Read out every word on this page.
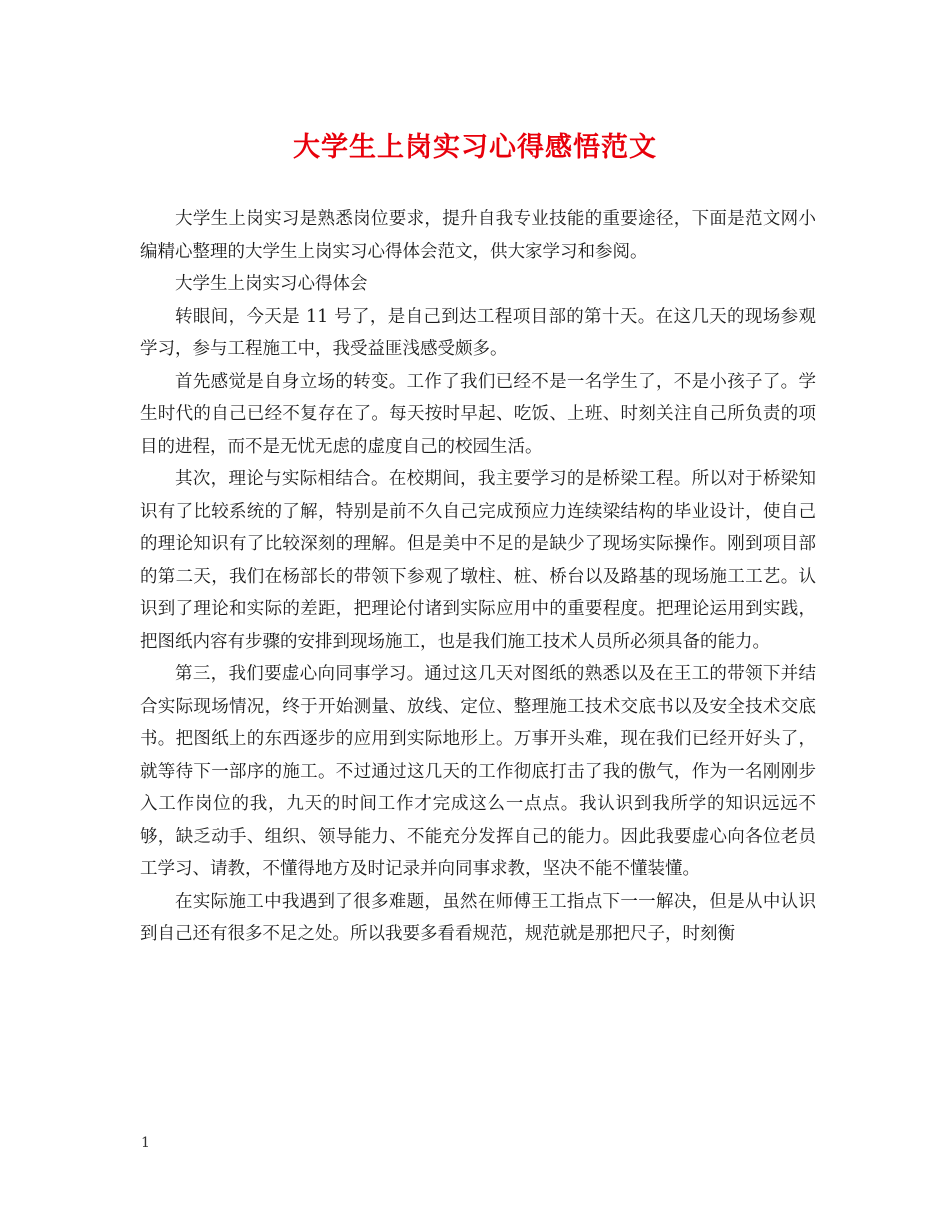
大学生上岗实习心得感悟范文

大学生上岗实习是熟悉岗位要求，提升自我专业技能的重要途径，下面是范文网小编精心整理的大学生上岗实习心得体会范文，供大家学习和参阅。

大学生上岗实习心得体会

转眼间，今天是 11 号了，是自己到达工程项目部的第十天。在这几天的现场参观学习，参与工程施工中，我受益匪浅感受颇多。

首先感觉是自身立场的转变。工作了我们已经不是一名学生了，不是小孩子了。学生时代的自己已经不复存在了。每天按时早起、吃饭、上班、时刻关注自己所负责的项目的进程，而不是无忧无虑的虚度自己的校园生活。

其次，理论与实际相结合。在校期间，我主要学习的是桥梁工程。所以对于桥梁知识有了比较系统的了解，特别是前不久自己完成预应力连续梁结构的毕业设计，使自己的理论知识有了比较深刻的理解。但是美中不足的是缺少了现场实际操作。刚到项目部的第二天，我们在杨部长的带领下参观了墩柱、桩、桥台以及路基的现场施工工艺。认识到了理论和实际的差距，把理论付诸到实际应用中的重要程度。把理论运用到实践，把图纸内容有步骤的安排到现场施工，也是我们施工技术人员所必须具备的能力。

第三，我们要虚心向同事学习。通过这几天对图纸的熟悉以及在王工的带领下并结合实际现场情况，终于开始测量、放线、定位、整理施工技术交底书以及安全技术交底书。把图纸上的东西逐步的应用到实际地形上。万事开头难，现在我们已经开好头了，就等待下一部序的施工。不过通过这几天的工作彻底打击了我的傲气，作为一名刚刚步入工作岗位的我，九天的时间工作才完成这么一点点。我认识到我所学的知识远远不够，缺乏动手、组织、领导能力、不能充分发挥自己的能力。因此我要虚心向各位老员工学习、请教，不懂得地方及时记录并向同事求教，坚决不能不懂装懂。

在实际施工中我遇到了很多难题，虽然在师傅王工指点下一一解决，但是从中认识到自己还有很多不足之处。所以我要多看看规范，规范就是那把尺子，时刻衡

1
